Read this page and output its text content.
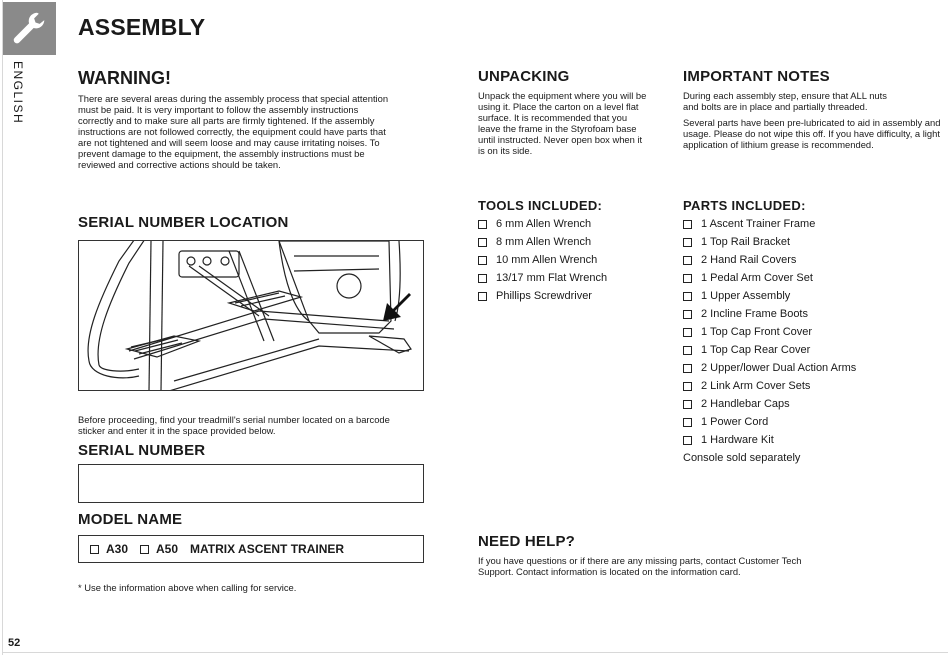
ASSEMBLY
ENGLISH	WARNING!
There are several areas during the assembly process that special attention must be paid. It is very important to follow the assembly instructions correctly and to make sure all parts are firmly tightened. If the assembly instructions are not followed correctly, the equipment could have parts that are not tightened and will seem loose and may cause irritating noises. To prevent damage to the equipment, the assembly instructions must be reviewed and corrective actions should be taken.
UNPACKING
Unpack the equipment where you will be using it. Place the carton on a level flat surface. It is recommended that you leave the frame in the Styrofoam base until instructed. Never open box when it is on its side.
IMPORTANT NOTES
During each assembly step, ensure that ALL nuts and bolts are in place and partially threaded.
Several parts have been pre-lubricated to aid in assembly and usage. Please do not wipe this off. If you have difficulty, a light application of lithium grease is recommended.
SERIAL NUMBER LOCATION
Before proceeding, find your treadmill's serial number located on a barcode sticker and enter it in the space provided below.
SERIAL NUMBER
MODEL NAME
A30 A50 MATRIX ASCENT TRAINER
* Use the information above when calling for service.
TOOLS INCLUDED:
6 mm Allen Wrench
8 mm Allen Wrench
10 mm Allen Wrench
13/17 mm Flat Wrench
Phillips Screwdriver
PARTS INCLUDED:
1 Ascent Trainer Frame
1 Top Rail Bracket
2 Hand Rail Covers
1 Pedal Arm Cover Set
1 Upper Assembly
2 Incline Frame Boots
1 Top Cap Front Cover
1 Top Cap Rear Cover
2 Upper/lower Dual Action Arms
2 Link Arm Cover Sets
2 Handlebar Caps
1 Power Cord
1 Hardware Kit
Console sold separately
NEED HELP?
If you have questions or if there are any missing parts, contact Customer Tech Support. Contact information is located on the information card.
52
